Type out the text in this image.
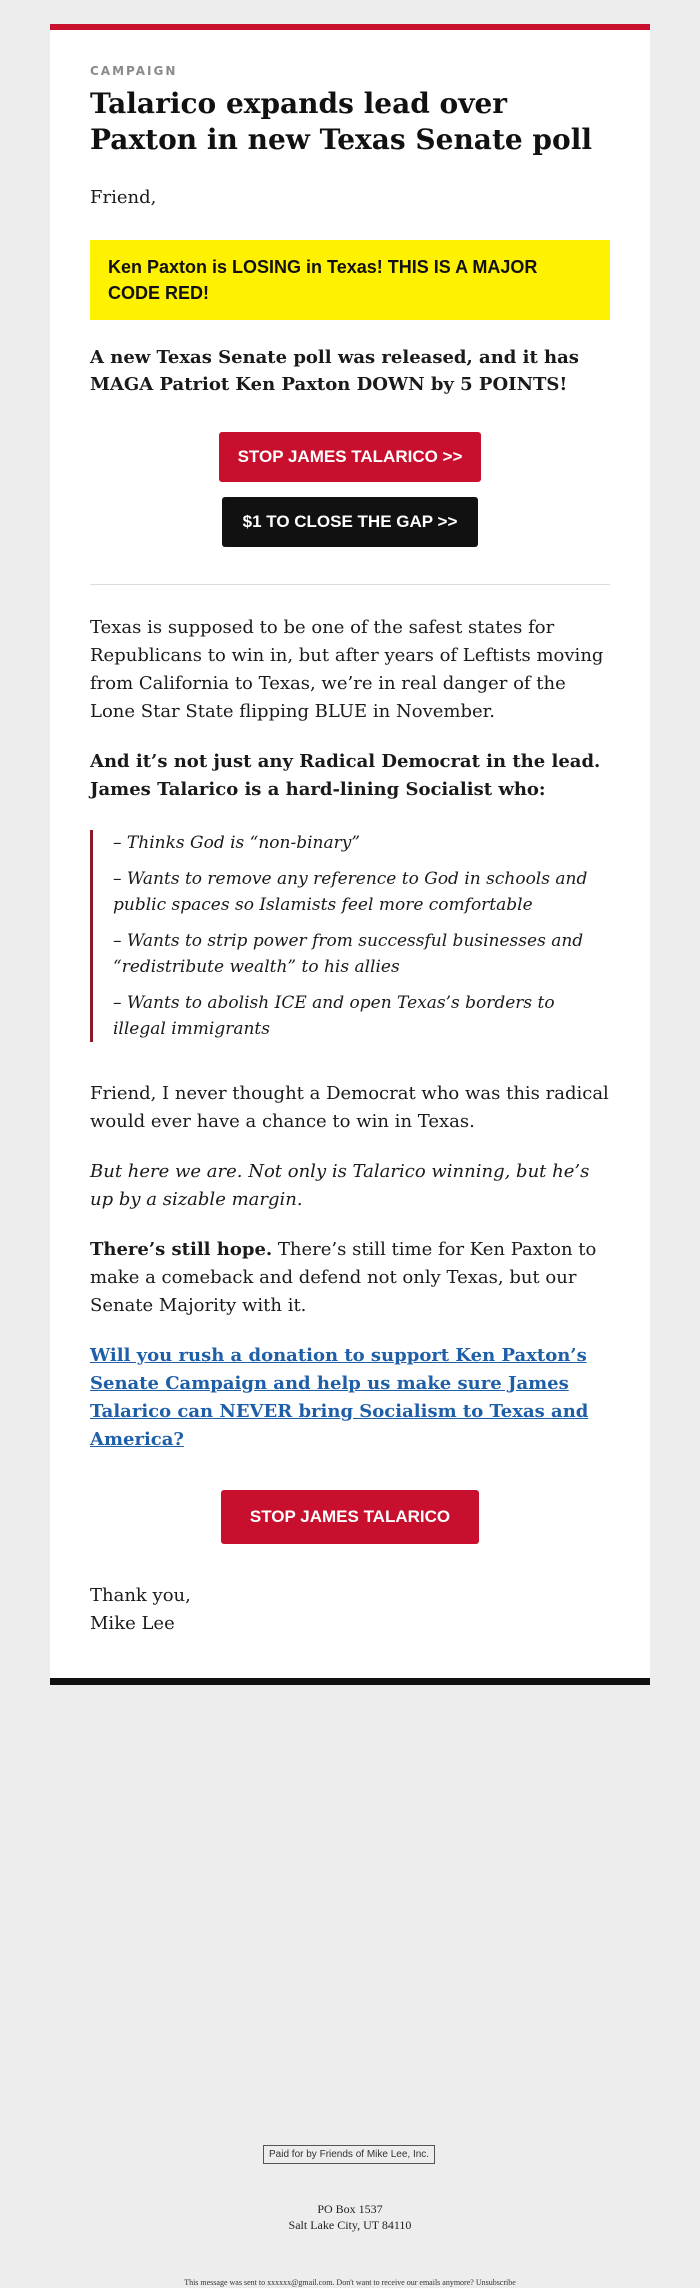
CAMPAIGN
Talarico expands lead over Paxton in new Texas Senate poll
Friend,
Ken Paxton is LOSING in Texas! THIS IS A MAJOR CODE RED!
A new Texas Senate poll was released, and it has MAGA Patriot Ken Paxton DOWN by 5 POINTS!
STOP JAMES TALARICO >>
$1 TO CLOSE THE GAP >>
Texas is supposed to be one of the safest states for Republicans to win in, but after years of Leftists moving from California to Texas, we’re in real danger of the Lone Star State flipping BLUE in November.
And it’s not just any Radical Democrat in the lead. James Talarico is a hard-lining Socialist who:

– Thinks God is “non-binary”

– Wants to remove any reference to God in schools and public spaces so Islamists feel more comfortable

– Wants to strip power from successful businesses and “redistribute wealth” to his allies

– Wants to abolish ICE and open Texas’s borders to illegal immigrants

Friend, I never thought a Democrat who was this radical would ever have a chance to win in Texas.
But here we are. Not only is Talarico winning, but he’s up by a sizable margin.
There’s still hope. There’s still time for Ken Paxton to make a comeback and defend not only Texas, but our Senate Majority with it.
Will you rush a donation to support Ken Paxton’s Senate Campaign and help us make sure James Talarico can NEVER bring Socialism to Texas and America?
STOP JAMES TALARICO
Thank you,
Mike Lee
Paid for by Friends of Mike Lee, Inc.
PO Box 1537
Salt Lake City, UT 84110
This message was sent to xxxxxx@gmail.com. Don't want to receive our emails anymore? Unsubscribe
